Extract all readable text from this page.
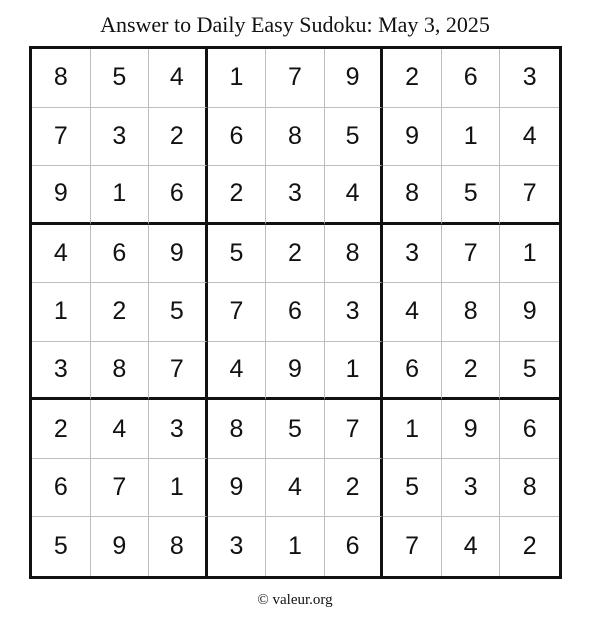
Answer to Daily Easy Sudoku: May 3, 2025
8	5	4	1	7	9	2	6	3
7	3	2	6	8	5	9	1	4
9	1	6	2	3	4	8	5	7
4	6	9	5	2	8	3	7	1
1	2	5	7	6	3	4	8	9
3	8	7	4	9	1	6	2	5
2	4	3	8	5	7	1	9	6
6	7	1	9	4	2	5	3	8
5	9	8	3	1	6	7	4	2
© valeur.org
